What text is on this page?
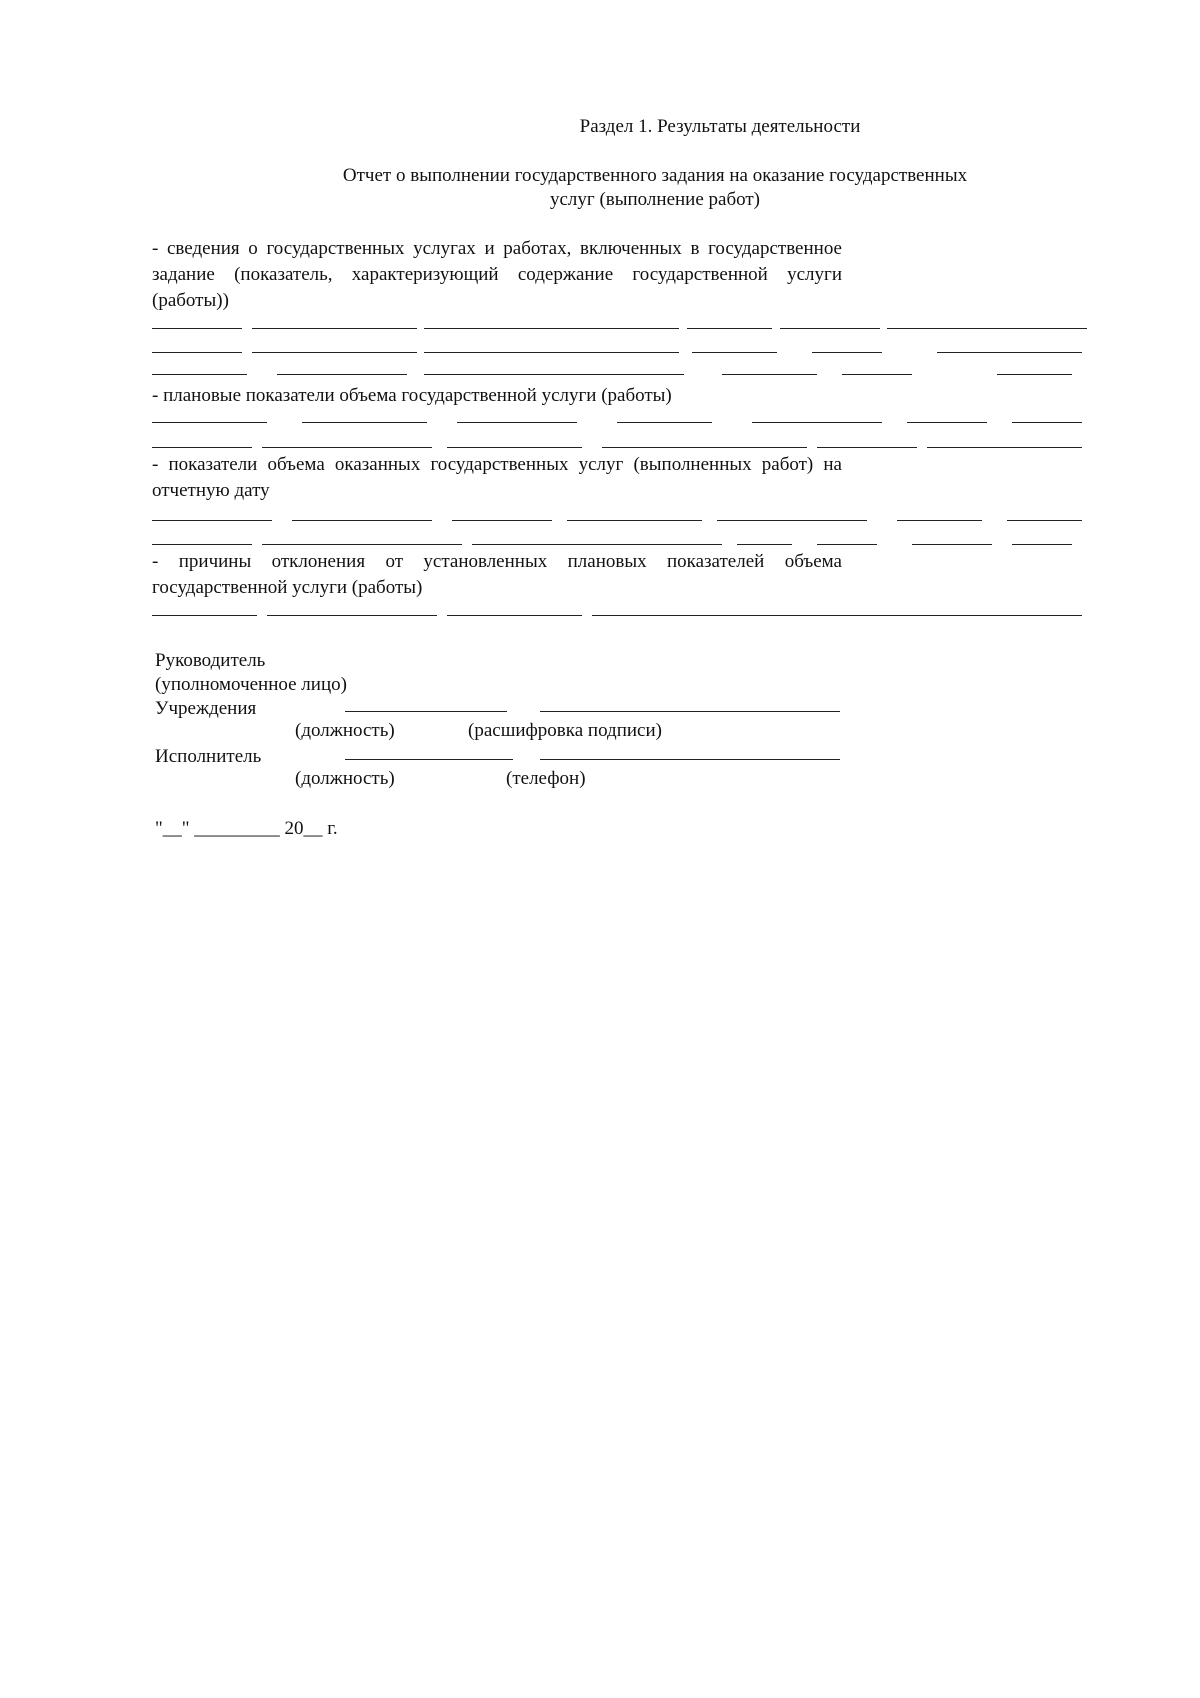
Раздел 1. Результаты деятельности
Отчет о выполнении государственного задания на оказание государственных услуг (выполнение работ)
- сведения о государственных услугах и работах, включенных в государственное задание (показатель, характеризующий содержание государственной услуги (работы))
- плановые показатели объема государственной услуги (работы)
- показатели объема оказанных государственных услуг (выполненных работ) на отчетную дату
- причины отклонения от установленных плановых показателей объема государственной услуги (работы)
Руководитель
(уполномоченное лицо)
Учреждения
(должность)	(расшифровка подписи)
Исполнитель
(должность)	(телефон)
"__" _________ 20__ г.
